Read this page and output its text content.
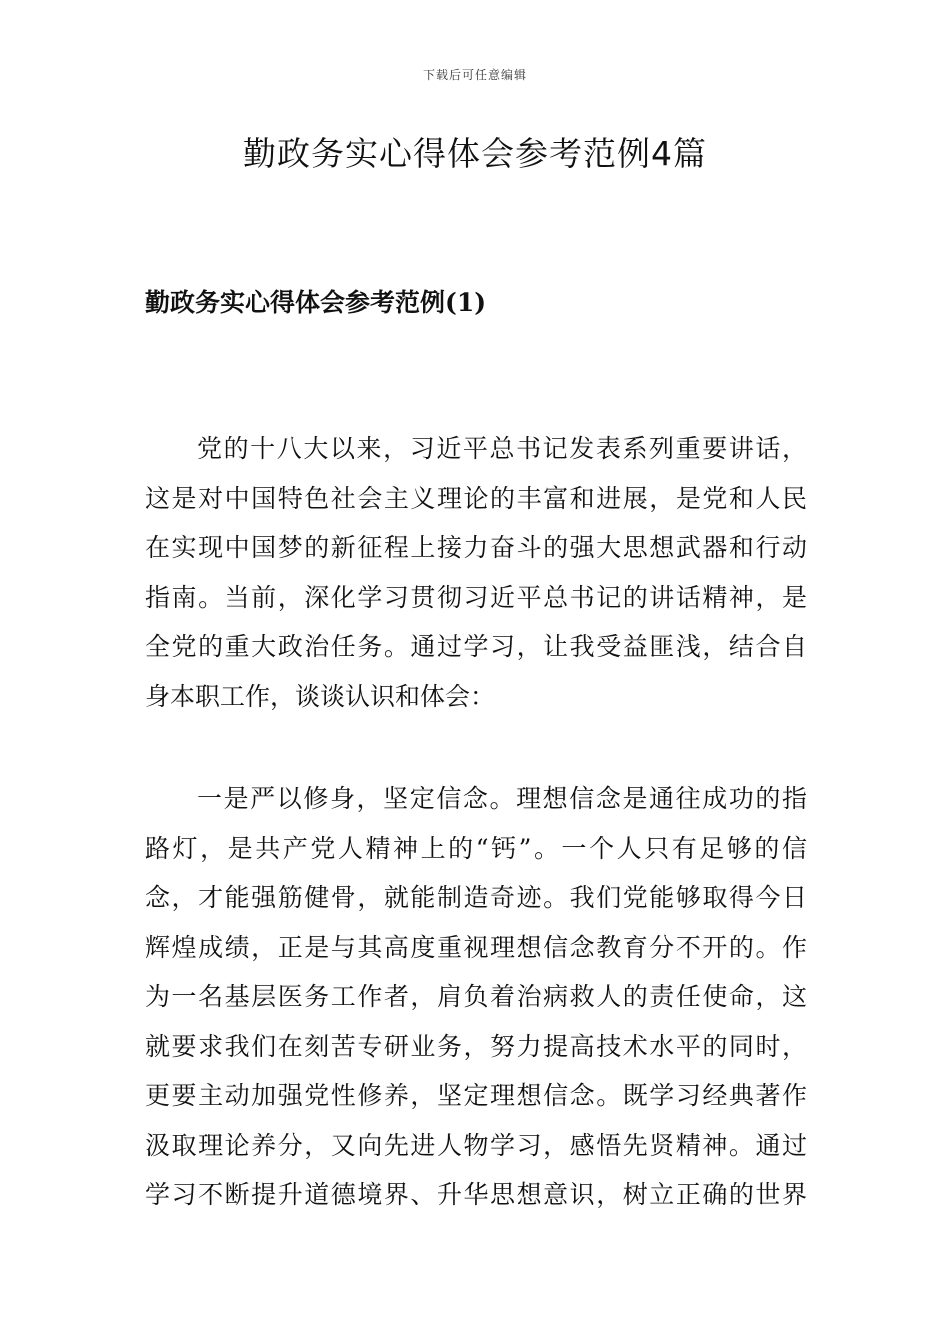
下载后可任意编辑
勤政务实心得体会参考范例4篇
勤政务实心得体会参考范例(1)
党的十八大以来，习近平总书记发表系列重要讲话，
这是对中国特色社会主义理论的丰富和进展，是党和人民
在实现中国梦的新征程上接力奋斗的强大思想武器和行动
指南。当前，深化学习贯彻习近平总书记的讲话精神，是
全党的重大政治任务。通过学习，让我受益匪浅，结合自
身本职工作，谈谈认识和体会：
一是严以修身，坚定信念。理想信念是通往成功的指
路灯，是共产党人精神上的“钙”。一个人只有足够的信
念，才能强筋健骨，就能制造奇迹。我们党能够取得今日
辉煌成绩，正是与其高度重视理想信念教育分不开的。作
为一名基层医务工作者，肩负着治病救人的责任使命，这
就要求我们在刻苦专研业务，努力提高技术水平的同时，
更要主动加强党性修养，坚定理想信念。既学习经典著作
汲取理论养分，又向先进人物学习，感悟先贤精神。通过
学习不断提升道德境界、升华思想意识，树立正确的世界
